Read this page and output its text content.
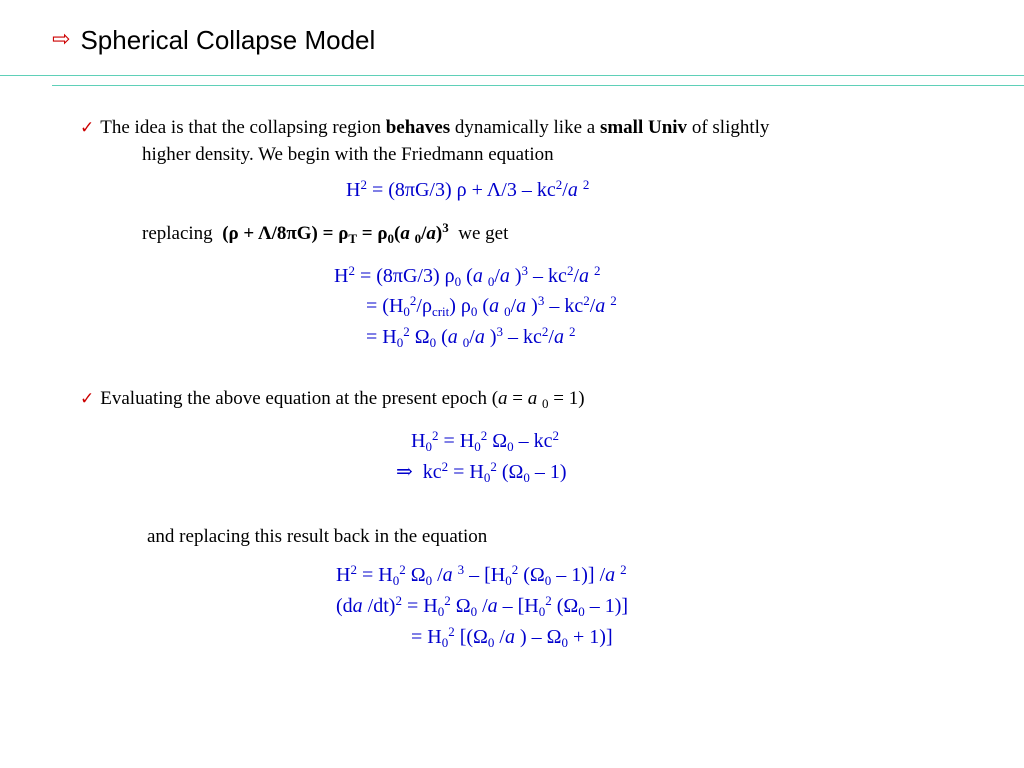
⇨ Spherical Collapse Model
✓ The idea is that the collapsing region behaves dynamically like a small Univ of slightly
higher density. We begin with the Friedmann equation
$H^2 = (8\pi G/3) \rho + \Lambda/3 - kc^2/a$ $^2$
replacing $(\rho + \Lambda/8\pi G) = \rho_T = \rho_0(a$ $_0$/a)$^3$ we get
$H^2 = (8\pi G/3)$ $\rho_0$ (a $_0$/a )$^3 - kc^2/a$ $^2$
= $(H_0^2/\rho_{crit})$ $\rho_0$ (a $_0$/a )$^3 - kc^2/a$ $^2$
= $H_0^2$ $\Omega_0$ (a $_0$/a )$^3 - kc^2/a$ $^2$
✓ Evaluating the above equation at the present epoch (a = a $_0$ = 1)
$H_0^2 = H_0^2$ $\Omega_0 - kc^2$
⇒  $kc^2 = H_0^2$ $(\Omega_0 - 1)$
and replacing this result back in the equation
$H^2 = H_0^2$ $\Omega_0$ /a $^3 - [H_0^2$ $(\Omega_0 - 1)$] /a $^2$
(da $/dt)^2 = H_0^2$ $\Omega_0$ $/a - [H_0^2$ $(\Omega_0 - 1)$]
= $H_0^2$ [($\Omega_0$ /a ) – $\Omega_0 + 1$)]
